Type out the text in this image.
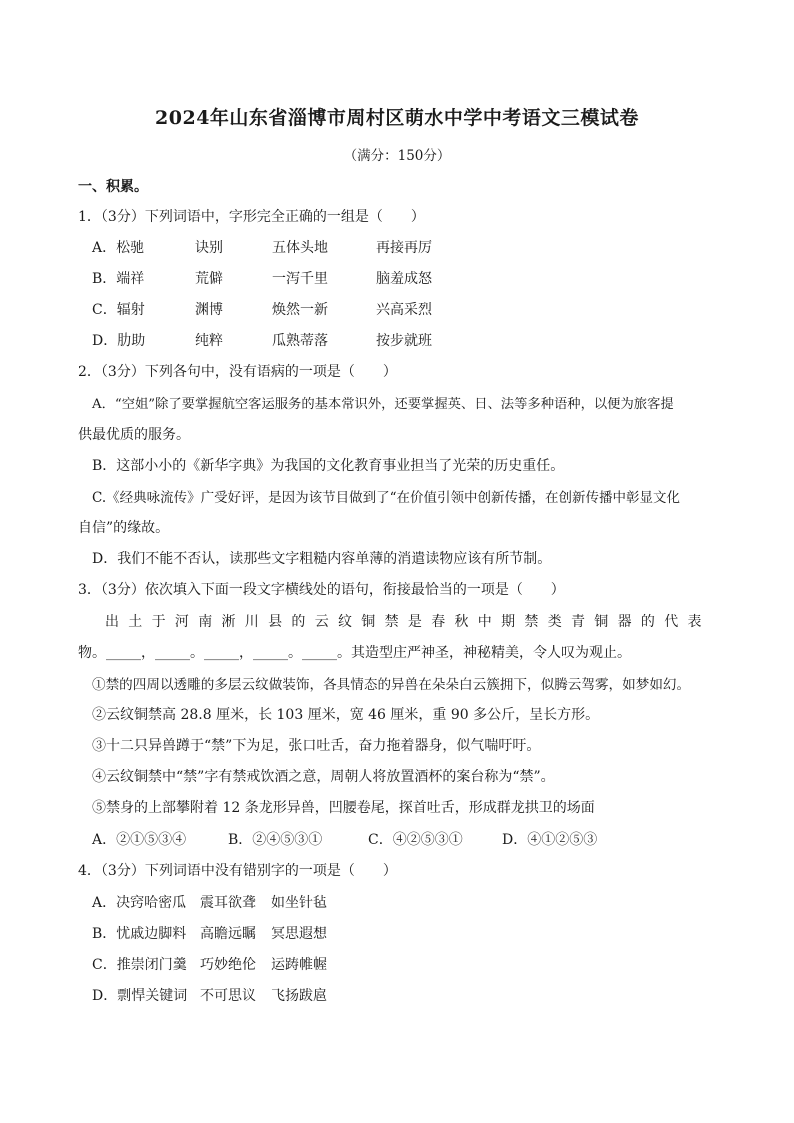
2024年山东省淄博市周村区萌水中学中考语文三模试卷
（满分：150分）
一、积累。
1．（3分）下列词语中，字形完全正确的一组是（　　）
A．松驰	诀别	五体头地	再接再厉
B．端祥	荒僻	一泻千里	脑羞成怒
C．辐射	渊博	焕然一新	兴高采烈
D．肋助	纯粹	瓜熟蒂落	按步就班
2．（3分）下列各句中，没有语病的一项是（　　）
A．“空姐”除了要掌握航空客运服务的基本常识外，还要掌握英、日、法等多种语种，以便为旅客提
供最优质的服务。
B．这部小小的《新华字典》为我国的文化教育事业担当了光荣的历史重任。
C.《经典咏流传》广受好评，是因为该节目做到了“在价值引领中创新传播，在创新传播中彰显文化
自信”的缘故。
D．我们不能不否认，读那些文字粗糙内容单薄的消遣读物应该有所节制。
3．（3分）依次填入下面一段文字横线处的语句，衔接最恰当的一项是（　　）
出土于河南淅川县的云纹铜禁是春秋中期禁类青铜器的代表
物。_____，_____。_____，_____。_____。其造型庄严神圣，神秘精美，令人叹为观止。
①禁的四周以透雕的多层云纹做装饰，各具情态的异兽在朵朵白云簇拥下，似腾云驾雾，如梦如幻。
②云纹铜禁高 28.8 厘米，长 103 厘米，宽 46 厘米，重 90 多公斤，呈长方形。
③十二只异兽蹲于“禁”下为足，张口吐舌，奋力拖着器身，似气喘吁吁。
④云纹铜禁中“禁”字有禁戒饮酒之意，周朝人将放置酒杯的案台称为“禁”。
⑤禁身的上部攀附着 12 条龙形异兽，凹腰卷尾，探首吐舌，形成群龙拱卫的场面
A．②①⑤③④	B．②④⑤③①	C．④②⑤③①	D．④①②⑤③
4．（3分）下列词语中没有错别字的一项是（　　）
A．决窍哈密瓜 震耳欲聋 如坐针毡
B．忧戚边脚料 高瞻远瞩 冥思遐想
C．推崇闭门羹 巧妙绝伦 运踌帷幄
D．剽悍关键词 不可思议 飞扬跋扈
